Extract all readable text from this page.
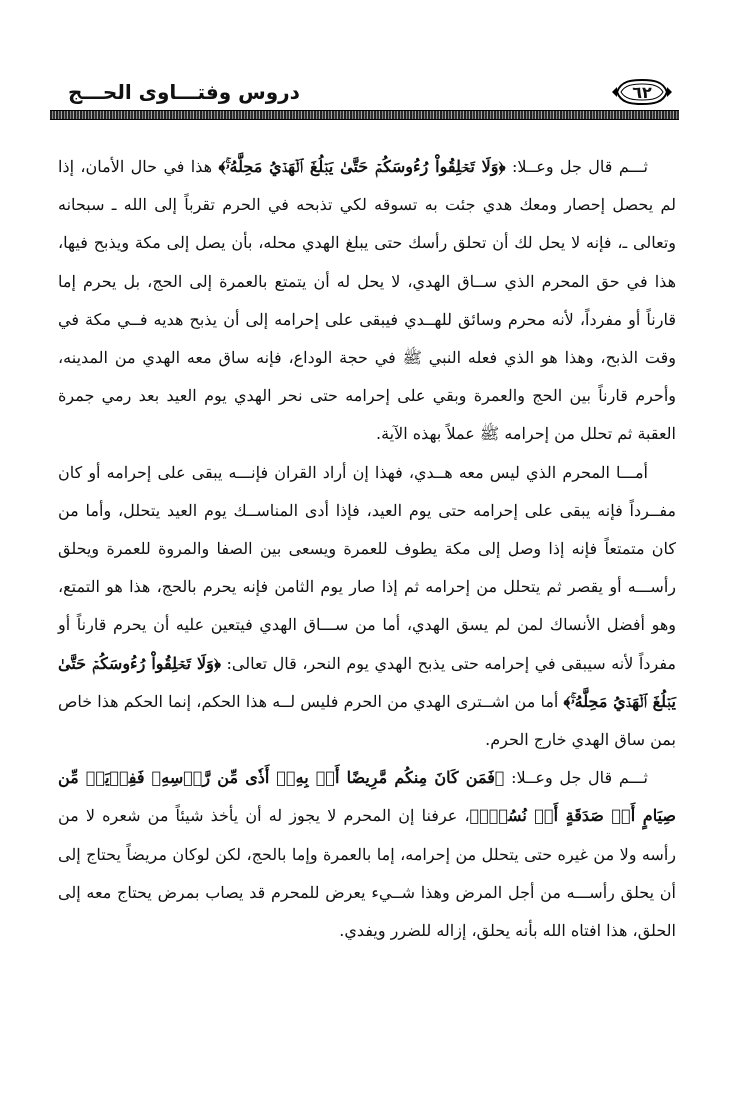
دروس وفتـــاوى الحـــج	٦٢

ثـــم قال جل وعــلا: ﴿وَلَا تَحۡلِقُواْ رُءُوسَكُمۡ حَتَّىٰ يَبۡلُغَ ٱلۡهَدۡيُ مَحِلَّهُۥۚ﴾ هذا في حال الأمان، إذا لم يحصل إحصار ومعك هدي جئت به تسوقه لكي تذبحه في الحرم تقرباً إلى الله ـ سبحانه وتعالى ـ، فإنه لا يحل لك أن تحلق رأسك حتى يبلغ الهدي محله، بأن يصل إلى مكة ويذبح فيها، هذا في حق المحرم الذي ســاق الهدي، لا يحل له أن يتمتع بالعمرة إلى الحج، بل يحرم إما قارناً أو مفرداً، لأنه محرم وسائق للهــدي فيبقى على إحرامه إلى أن يذبح هديه فــي مكة في وقت الذبح، وهذا هو الذي فعله النبي ﷺ في حجة الوداع، فإنه ساق معه الهدي من المدينه، وأحرم قارناً بين الحج والعمرة وبقي على إحرامه حتى نحر الهدي يوم العيد بعد رمي جمرة العقبة ثم تحلل من إحرامه ﷺ عملاً بهذه الآية.

أمـــا المحرم الذي ليس معه هــدي، فهذا إن أراد القران فإنـــه يبقى على إحرامه أو كان مفــرداً فإنه يبقى على إحرامه حتى يوم العيد، فإذا أدى المناســك يوم العيد يتحلل، وأما من كان متمتعاً فإنه إذا وصل إلى مكة يطوف للعمرة ويسعى بين الصفا والمروة للعمرة ويحلق رأســـه أو يقصر ثم يتحلل من إحرامه ثم إذا صار يوم الثامن فإنه يحرم بالحج، هذا هو التمتع، وهو أفضل الأنساك لمن لم يسق الهدي، أما من ســـاق الهدي فيتعين عليه أن يحرم قارناً أو مفرداً لأنه سيبقى في إحرامه حتى يذبح الهدي يوم النحر، قال تعالى: ﴿وَلَا تَحۡلِقُواْ رُءُوسَكُمۡ حَتَّىٰ يَبۡلُغَ ٱلۡهَدۡيُ مَحِلَّهُۥۚ﴾ أما من اشــترى الهدي من الحرم فليس لــه هذا الحكم، إنما الحكم هذا خاص بمن ساق الهدي خارج الحرم.

ثـــم قال جل وعــلا: ﴿فَمَن كَانَ مِنكُم مَّرِيضًا أَوۡ بِهِۦٓ أَذٗى مِّن رَّأۡسِهِۦ فَفِدۡيَةٞ مِّن صِيَامٍ أَوۡ صَدَقَةٍ أَوۡ نُسُكٖۚ﴾، عرفنا إن المحرم لا يجوز له أن يأخذ شيئاً من شعره لا من رأسه ولا من غيره حتى يتحلل من إحرامه، إما بالعمرة وإما بالحج، لكن لوكان مريضاً يحتاج إلى أن يحلق رأســـه من أجل المرض وهذا شــيء يعرض للمحرم قد يصاب بمرض يحتاج معه إلى الحلق، هذا افتاه الله بأنه يحلق، إزاله للضرر ويفدي.
